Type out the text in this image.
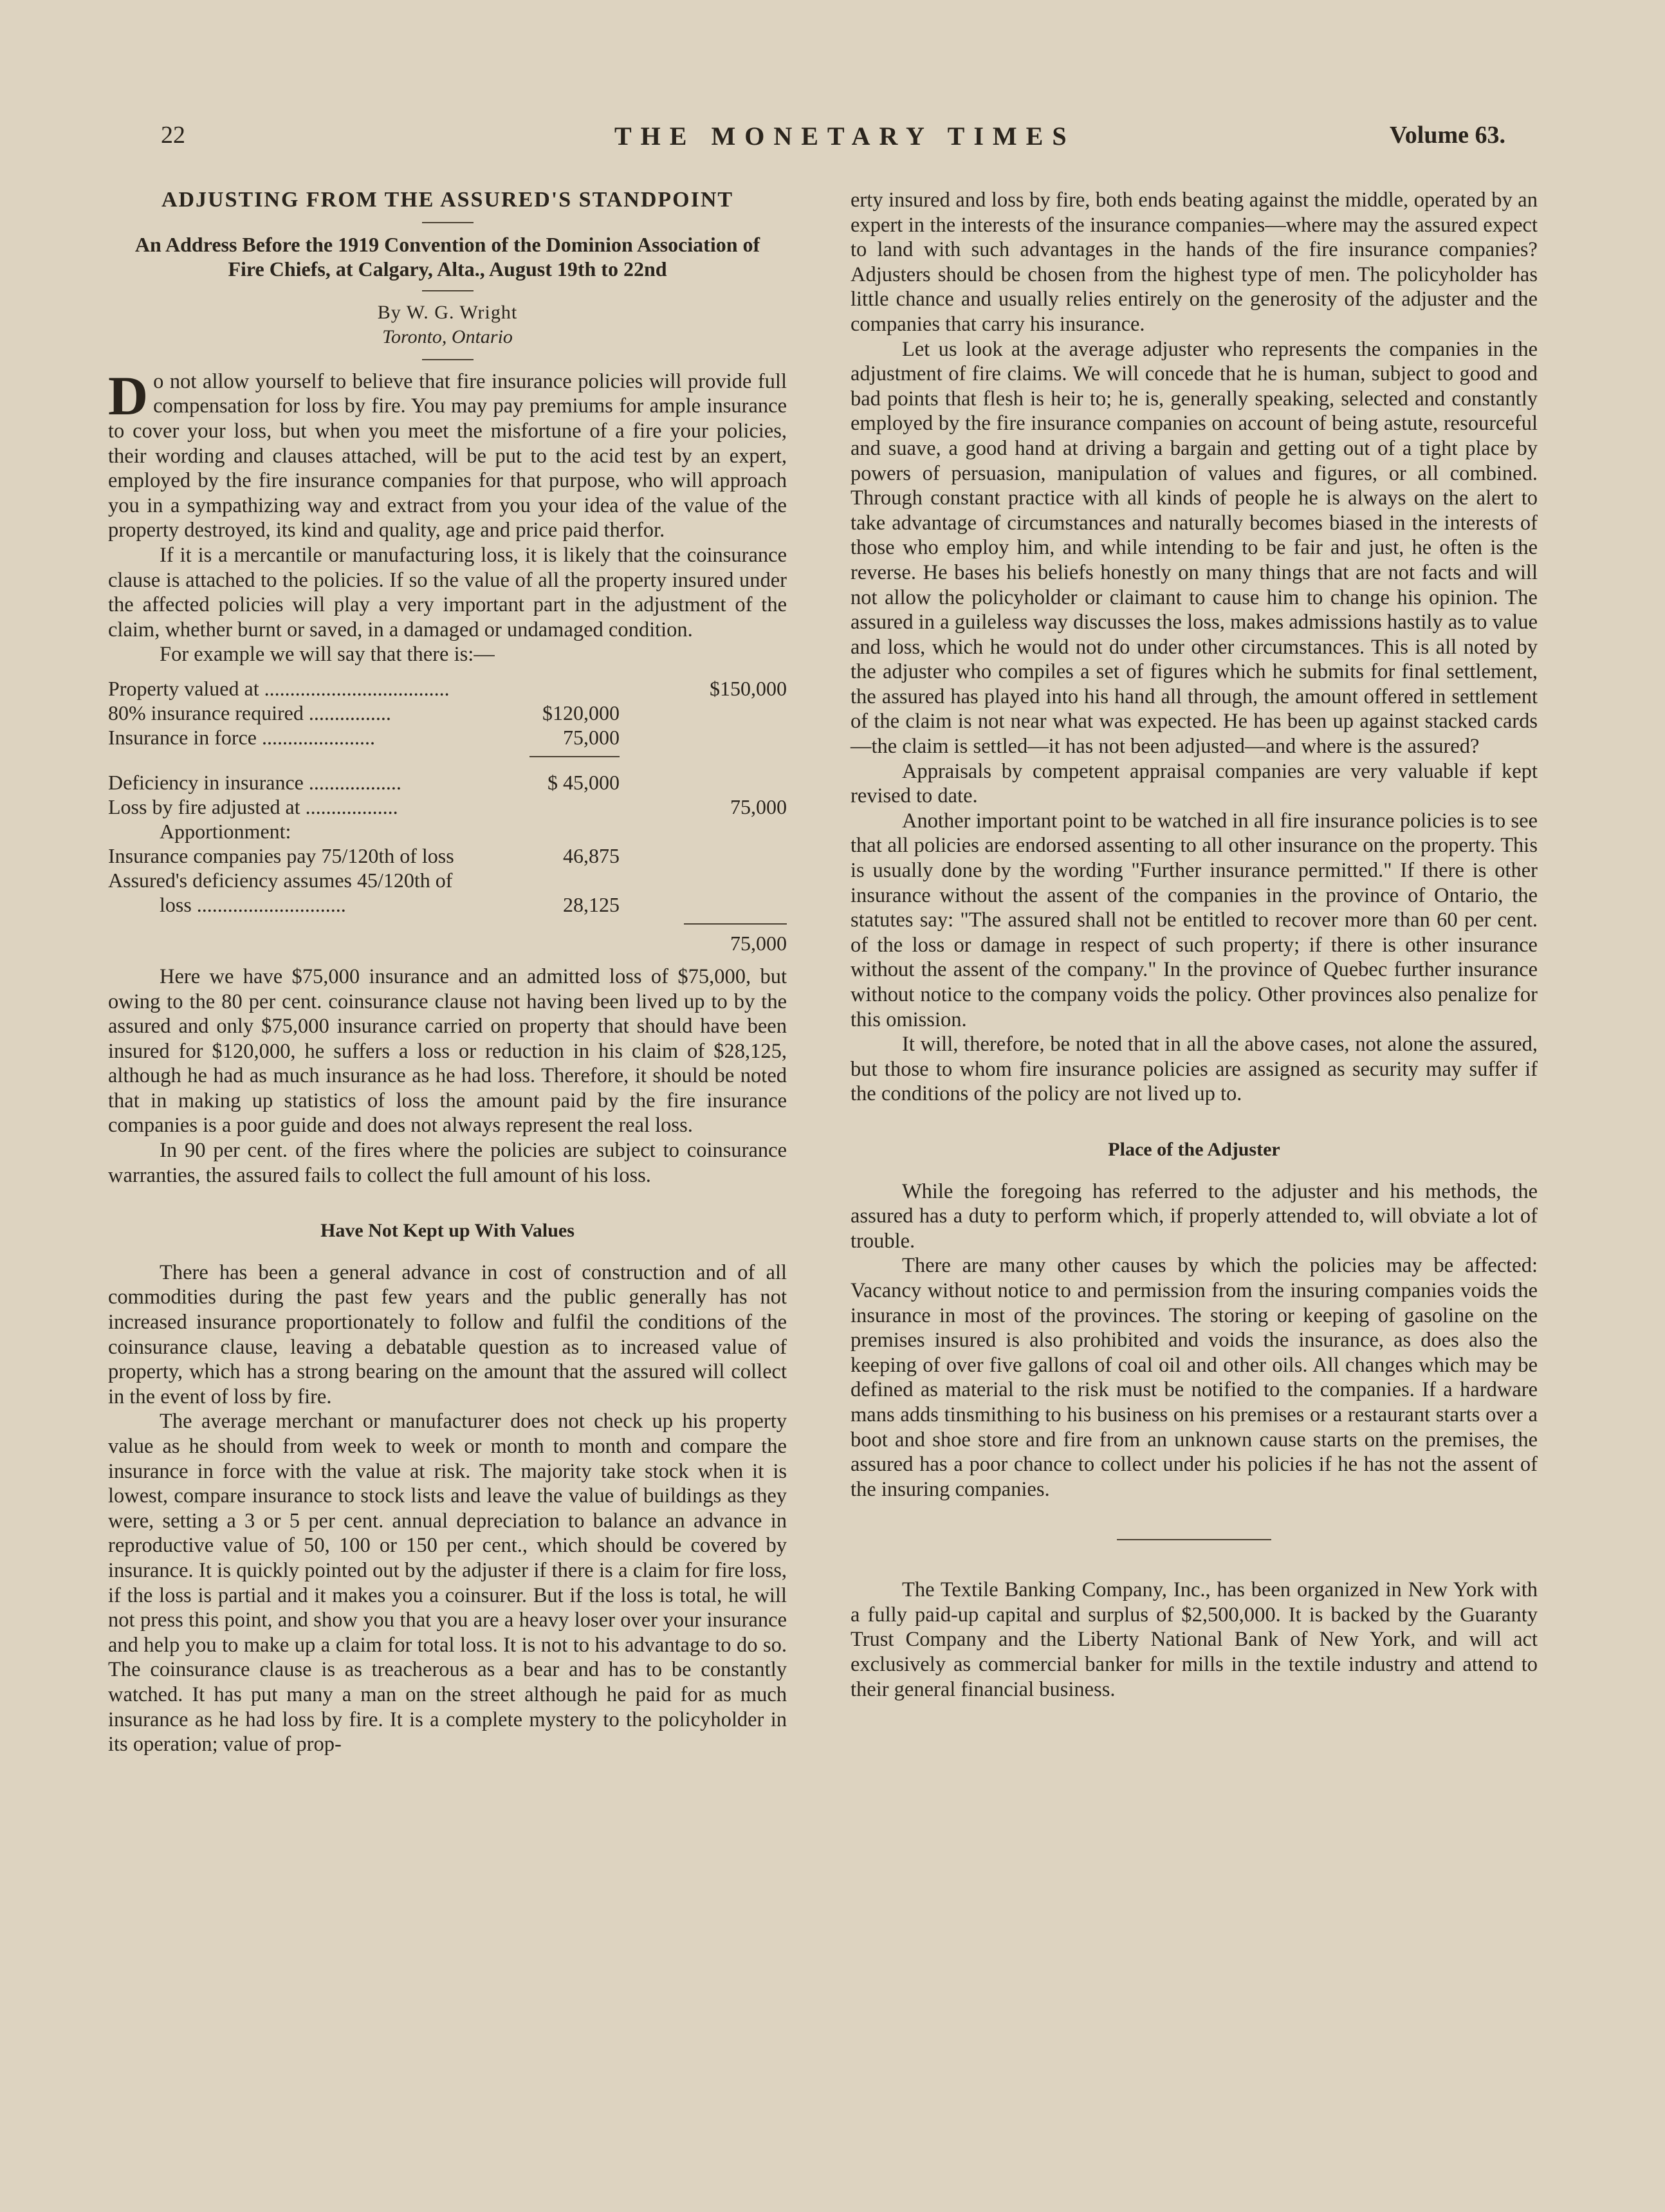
22	THE MONETARY TIMES	Volume 63.
ADJUSTING FROM THE ASSURED'S STANDPOINT
An Address Before the 1919 Convention of the Dominion Association of Fire Chiefs, at Calgary, Alta., August 19th to 22nd
By W. G. Wright
Toronto, Ontario

Do not allow yourself to believe that fire insurance policies will provide full compensation for loss by fire. You may pay premiums for ample insurance to cover your loss, but when you meet the misfortune of a fire your policies, their wording and clauses attached, will be put to the acid test by an expert, employed by the fire insurance companies for that purpose, who will approach you in a sympathizing way and extract from you your idea of the value of the property destroyed, its kind and quality, age and price paid therfor.

If it is a mercantile or manufacturing loss, it is likely that the coinsurance clause is attached to the policies. If so the value of all the property insured under the affected policies will play a very important part in the adjustment of the claim, whether burnt or saved, in a damaged or undamaged condition.

For example we will say that there is:—

Property valued at ....................................	$150,000
80% insurance required ................	$120,000
Insurance in force ......................	75,000
Deficiency in insurance ..................	$ 45,000
Loss by fire adjusted at ..................	75,000
Apportionment:
Insurance companies pay 75/120th of loss	46,875
Assured's deficiency assumes 45/120th of
loss .............................	28,125
75,000

Here we have $75,000 insurance and an admitted loss of $75,000, but owing to the 80 per cent. coinsurance clause not having been lived up to by the assured and only $75,000 insurance carried on property that should have been insured for $120,000, he suffers a loss or reduction in his claim of $28,125, although he had as much insurance as he had loss. Therefore, it should be noted that in making up statistics of loss the amount paid by the fire insurance companies is a poor guide and does not always represent the real loss.

In 90 per cent. of the fires where the policies are subject to coinsurance warranties, the assured fails to collect the full amount of his loss.

Have Not Kept up With Values

There has been a general advance in cost of construction and of all commodities during the past few years and the public generally has not increased insurance proportionately to follow and fulfil the conditions of the coinsurance clause, leaving a debatable question as to increased value of property, which has a strong bearing on the amount that the assured will collect in the event of loss by fire.

The average merchant or manufacturer does not check up his property value as he should from week to week or month to month and compare the insurance in force with the value at risk. The majority take stock when it is lowest, compare insurance to stock lists and leave the value of buildings as they were, setting a 3 or 5 per cent. annual depreciation to balance an advance in reproductive value of 50, 100 or 150 per cent., which should be covered by insurance. It is quickly pointed out by the adjuster if there is a claim for fire loss, if the loss is partial and it makes you a coinsurer. But if the loss is total, he will not press this point, and show you that you are a heavy loser over your insurance and help you to make up a claim for total loss. It is not to his advantage to do so. The coinsurance clause is as treacherous as a bear and has to be constantly watched. It has put many a man on the street although he paid for as much insurance as he had loss by fire. It is a complete mystery to the policyholder in its operation; value of prop-

erty insured and loss by fire, both ends beating against the middle, operated by an expert in the interests of the insurance companies—where may the assured expect to land with such advantages in the hands of the fire insurance companies? Adjusters should be chosen from the highest type of men. The policyholder has little chance and usually relies entirely on the generosity of the adjuster and the companies that carry his insurance.

Let us look at the average adjuster who represents the companies in the adjustment of fire claims. We will concede that he is human, subject to good and bad points that flesh is heir to; he is, generally speaking, selected and constantly employed by the fire insurance companies on account of being astute, resourceful and suave, a good hand at driving a bargain and getting out of a tight place by powers of persuasion, manipulation of values and figures, or all combined. Through constant practice with all kinds of people he is always on the alert to take advantage of circumstances and naturally becomes biased in the interests of those who employ him, and while intending to be fair and just, he often is the reverse. He bases his beliefs honestly on many things that are not facts and will not allow the policyholder or claimant to cause him to change his opinion. The assured in a guileless way discusses the loss, makes admissions hastily as to value and loss, which he would not do under other circumstances. This is all noted by the adjuster who compiles a set of figures which he submits for final settlement, the assured has played into his hand all through, the amount offered in settlement of the claim is not near what was expected. He has been up against stacked cards—the claim is settled—it has not been adjusted—and where is the assured?

Appraisals by competent appraisal companies are very valuable if kept revised to date.

Another important point to be watched in all fire insurance policies is to see that all policies are endorsed assenting to all other insurance on the property. This is usually done by the wording "Further insurance permitted." If there is other insurance without the assent of the companies in the province of Ontario, the statutes say: "The assured shall not be entitled to recover more than 60 per cent. of the loss or damage in respect of such property; if there is other insurance without the assent of the company." In the province of Quebec further insurance without notice to the company voids the policy. Other provinces also penalize for this omission.

It will, therefore, be noted that in all the above cases, not alone the assured, but those to whom fire insurance policies are assigned as security may suffer if the conditions of the policy are not lived up to.

Place of the Adjuster

While the foregoing has referred to the adjuster and his methods, the assured has a duty to perform which, if properly attended to, will obviate a lot of trouble.

There are many other causes by which the policies may be affected: Vacancy without notice to and permission from the insuring companies voids the insurance in most of the provinces. The storing or keeping of gasoline on the premises insured is also prohibited and voids the insurance, as does also the keeping of over five gallons of coal oil and other oils. All changes which may be defined as material to the risk must be notified to the companies. If a hardware mans adds tinsmithing to his business on his premises or a restaurant starts over a boot and shoe store and fire from an unknown cause starts on the premises, the assured has a poor chance to collect under his policies if he has not the assent of the insuring companies.

The Textile Banking Company, Inc., has been organized in New York with a fully paid-up capital and surplus of $2,500,000. It is backed by the Guaranty Trust Company and the Liberty National Bank of New York, and will act exclusively as commercial banker for mills in the textile industry and attend to their general financial business.
